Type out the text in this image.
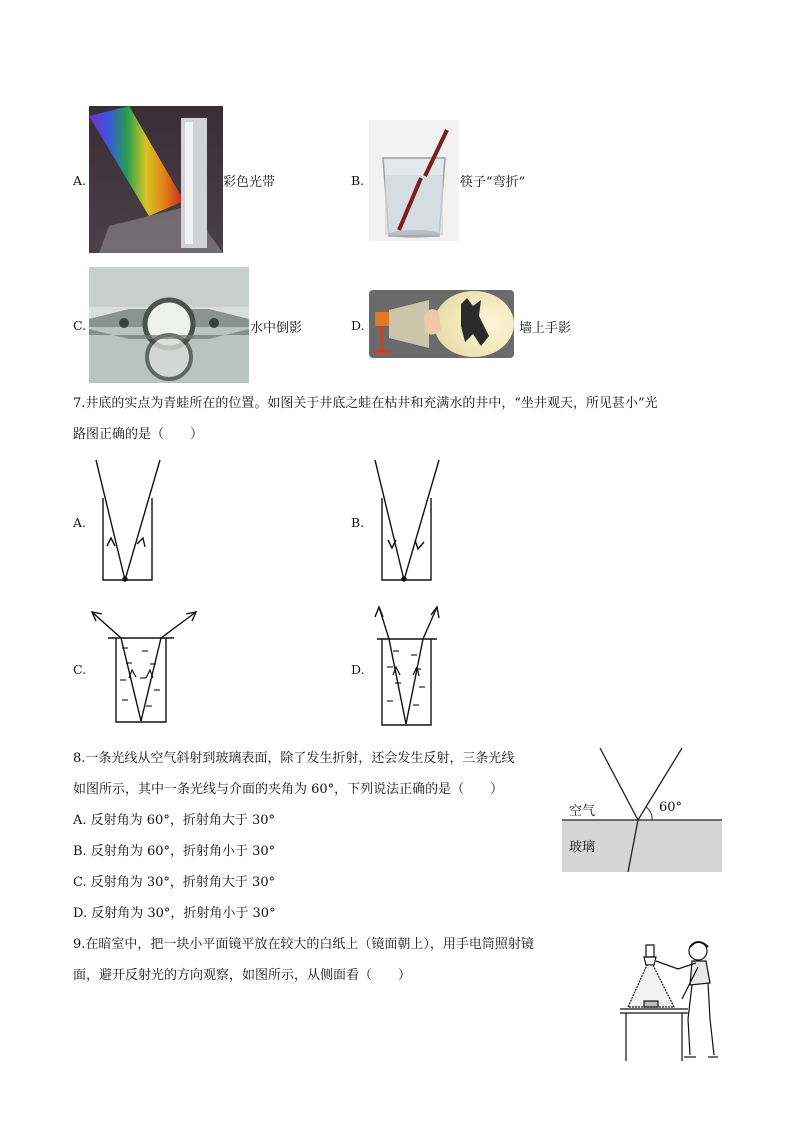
A.	彩色光带	B.	筷子“弯折”
C.	水中倒影	D.	墙上手影
7.井底的实点为青蛙所在的位置。如图关于井底之蛙在枯井和充满水的井中，“坐井观天，所见甚小”光
路图正确的是（　　）
A.	B.
C.	D.
8.一条光线从空气斜射到玻璃表面，除了发生折射，还会发生反射，三条光线
如图所示，其中一条光线与介面的夹角为 60°，下列说法正确的是（　　）
A. 反射角为 60°，折射角大于 30°
B. 反射角为 60°，折射角小于 30°
C. 反射角为 30°，折射角大于 30°
D. 反射角为 30°，折射角小于 30°
空气
玻璃
60°
9.在暗室中，把一块小平面镜平放在较大的白纸上（镜面朝上），用手电筒照射镜
面，避开反射光的方向观察，如图所示，从侧面看（　　）
